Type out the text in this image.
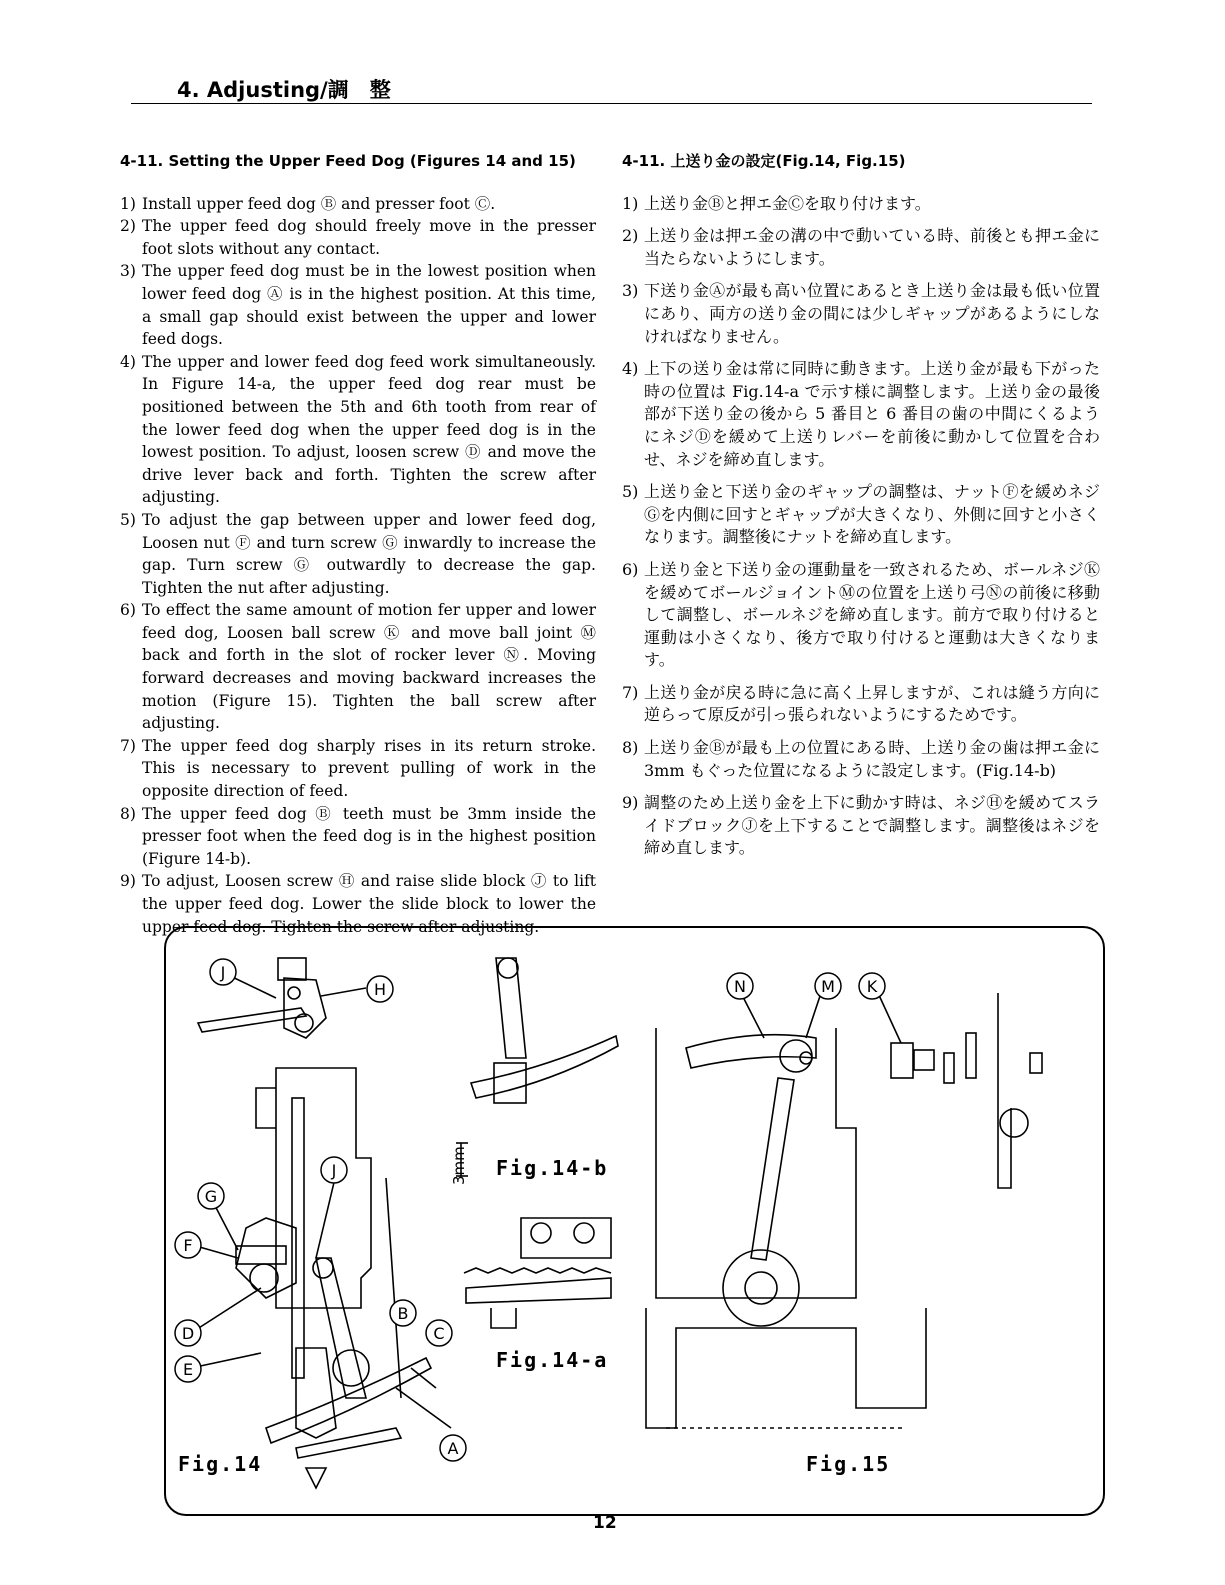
4. Adjusting/調　整
4-11. Setting the Upper Feed Dog (Figures 14 and 15)
1) Install upper feed dog Ⓑ and presser foot Ⓒ.
2) The upper feed dog should freely move in the presser foot slots without any contact.
3) The upper feed dog must be in the lowest position when lower feed dog Ⓐ is in the highest position. At this time, a small gap should exist between the upper and lower feed dogs.
4) The upper and lower feed dog feed work simultaneously. In Figure 14-a, the upper feed dog rear must be positioned between the 5th and 6th tooth from rear of the lower feed dog when the upper feed dog is in the lowest position. To adjust, loosen screw Ⓓ and move the drive lever back and forth. Tighten the screw after adjusting.
5) To adjust the gap between upper and lower feed dog, Loosen nut Ⓕ and turn screw Ⓖ inwardly to increase the gap. Turn screw Ⓖ outwardly to decrease the gap. Tighten the nut after adjusting.
6) To effect the same amount of motion fer upper and lower feed dog, Loosen ball screw Ⓚ and move ball joint Ⓜ back and forth in the slot of rocker lever Ⓝ. Moving forward decreases and moving backward increases the motion (Figure 15). Tighten the ball screw after adjusting.
7) The upper feed dog sharply rises in its return stroke. This is necessary to prevent pulling of work in the opposite direction of feed.
8) The upper feed dog Ⓑ teeth must be 3mm inside the presser foot when the feed dog is in the highest position (Figure 14-b).
9) To adjust, Loosen screw Ⓗ and raise slide block Ⓙ to lift the upper feed dog. Lower the slide block to lower the upper feed dog. Tighten the screw after adjusting.
4-11. 上送り金の設定(Fig.14, Fig.15)
1) 上送り金Ⓑと押エ金Ⓒを取り付けます。
2) 上送り金は押エ金の溝の中で動いている時、前後とも押エ金に当たらないようにします。
3) 下送り金Ⓐが最も高い位置にあるとき上送り金は最も低い位置にあり、両方の送り金の間には少しギャップがあるようにしなければなりません。
4) 上下の送り金は常に同時に動きます。上送り金が最も下がった時の位置は Fig.14-a で示す様に調整します。上送り金の最後部が下送り金の後から 5 番目と 6 番目の歯の中間にくるようにネジⒹを緩めて上送りレバーを前後に動かして位置を合わせ、ネジを締め直します。
5) 上送り金と下送り金のギャップの調整は、ナットⒻを緩めネジⒼを内側に回すとギャップが大きくなり、外側に回すと小さくなります。調整後にナットを締め直します。
6) 上送り金と下送り金の運動量を一致されるため、ボールネジⓀを緩めてボールジョイントⓂの位置を上送り弓Ⓝの前後に移動して調整し、ボールネジを締め直します。前方で取り付けると運動は小さくなり、後方で取り付けると運動は大きくなります。
7) 上送り金が戻る時に急に高く上昇しますが、これは縫う方向に逆らって原反が引っ張られないようにするためです。
8) 上送り金Ⓑが最も上の位置にある時、上送り金の歯は押エ金に 3mm もぐった位置になるように設定します。(Fig.14-b)
9) 調整のため上送り金を上下に動かす時は、ネジⒽを緩めてスライドブロックⒿを上下することで調整します。調整後はネジを締め直します。
J
H
J
G
F
D
E
B
C
A
N	M K
3mm Fig.14-b
Fig.14-a
Fig.14	Fig.15
12
